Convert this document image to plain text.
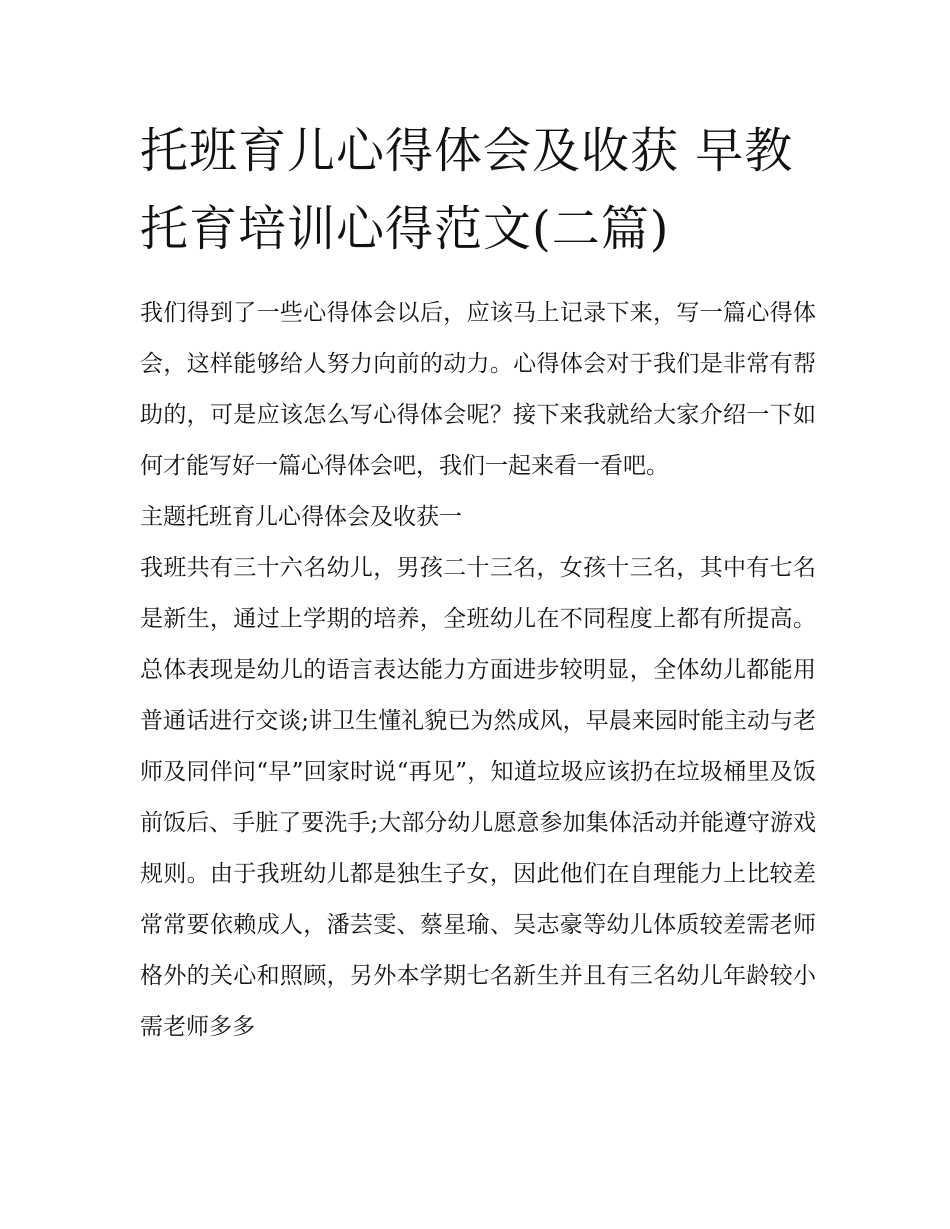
托班育儿心得体会及收获 早教托育培训心得范文(二篇)

我们得到了一些心得体会以后，应该马上记录下来，写一篇心得体会，这样能够给人努力向前的动力。心得体会对于我们是非常有帮助的，可是应该怎么写心得体会呢？接下来我就给大家介绍一下如何才能写好一篇心得体会吧，我们一起来看一看吧。

主题托班育儿心得体会及收获一

我班共有三十六名幼儿，男孩二十三名，女孩十三名，其中有七名是新生，通过上学期的培养，全班幼儿在不同程度上都有所提高。总体表现是幼儿的语言表达能力方面进步较明显，全体幼儿都能用普通话进行交谈;讲卫生懂礼貌已为然成风，早晨来园时能主动与老师及同伴问“早”回家时说“再见”，知道垃圾应该扔在垃圾桶里及饭前饭后、手脏了要洗手;大部分幼儿愿意参加集体活动并能遵守游戏规则。由于我班幼儿都是独生子女，因此他们在自理能力上比较差常常要依赖成人，潘芸雯、蔡星瑜、吴志豪等幼儿体质较差需老师格外的关心和照顾，另外本学期七名新生并且有三名幼儿年龄较小需老师多多
